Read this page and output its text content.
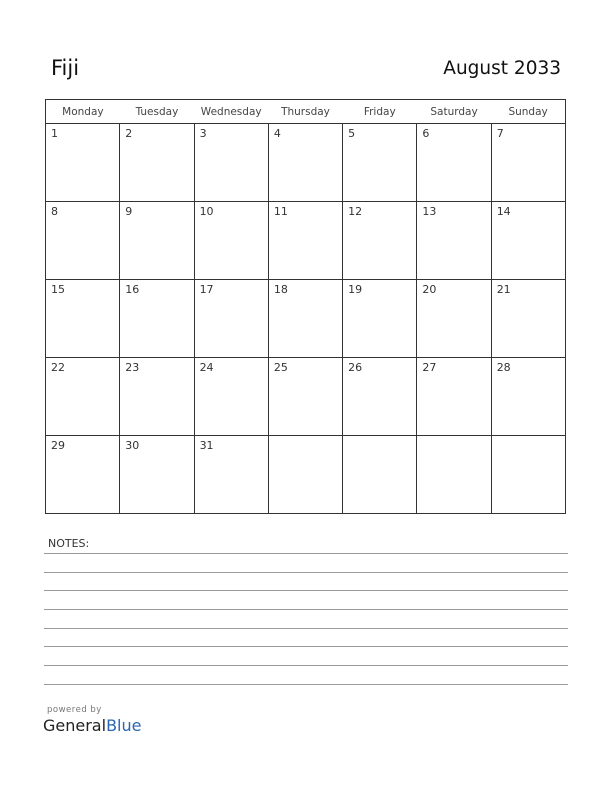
Fiji	August 2033
Monday	Tuesday	Wednesday	Thursday	Friday	Saturday	Sunday

1	2	3	4	5	6	7

8	9	10	11	12	13	14

15	16	17	18	19	20	21

22	23	24	25	26	27	28

29	30	31				

NOTES:
powered by
GeneralBlue
